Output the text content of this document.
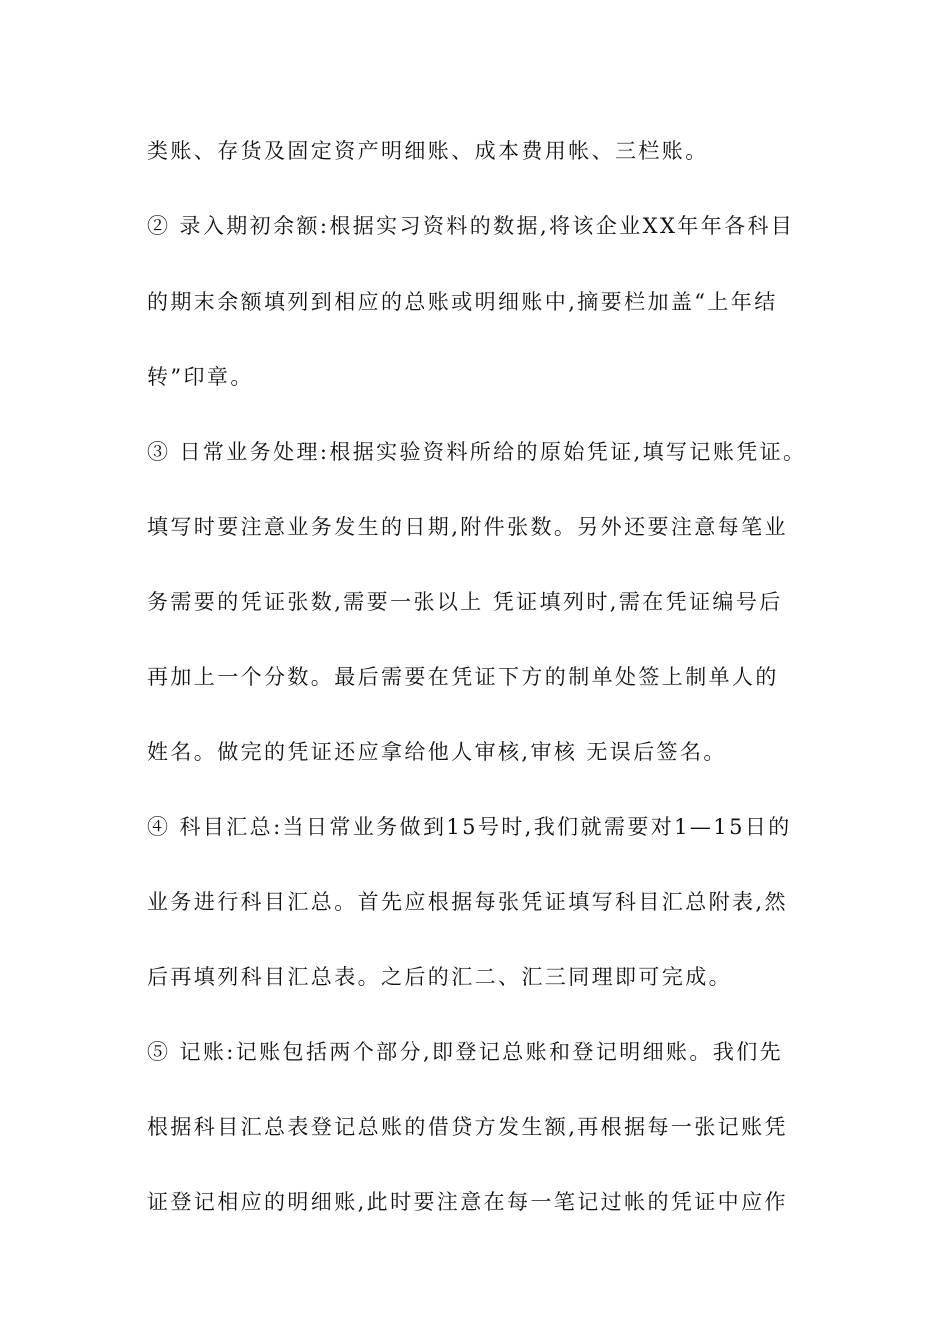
类账、存货及固定资产明细账、成本费用帐、三栏账。
② 录入期初余额:根据实习资料的数据,将该企业XX年年各科目
的期末余额填列到相应的总账或明细账中,摘要栏加盖“上年结
转”印章。
③ 日常业务处理:根据实验资料所给的原始凭证,填写记账凭证。
填写时要注意业务发生的日期,附件张数。另外还要注意每笔业
务需要的凭证张数,需要一张以上 凭证填列时,需在凭证编号后
再加上一个分数。最后需要在凭证下方的制单处签上制单人的
姓名。做完的凭证还应拿给他人审核,审核 无误后签名。
④ 科目汇总:当日常业务做到15号时,我们就需要对1—15日的
业务进行科目汇总。首先应根据每张凭证填写科目汇总附表,然
后再填列科目汇总表。之后的汇二、汇三同理即可完成。
⑤ 记账:记账包括两个部分,即登记总账和登记明细账。我们先
根据科目汇总表登记总账的借贷方发生额,再根据每一张记账凭
证登记相应的明细账,此时要注意在每一笔记过帐的凭证中应作
